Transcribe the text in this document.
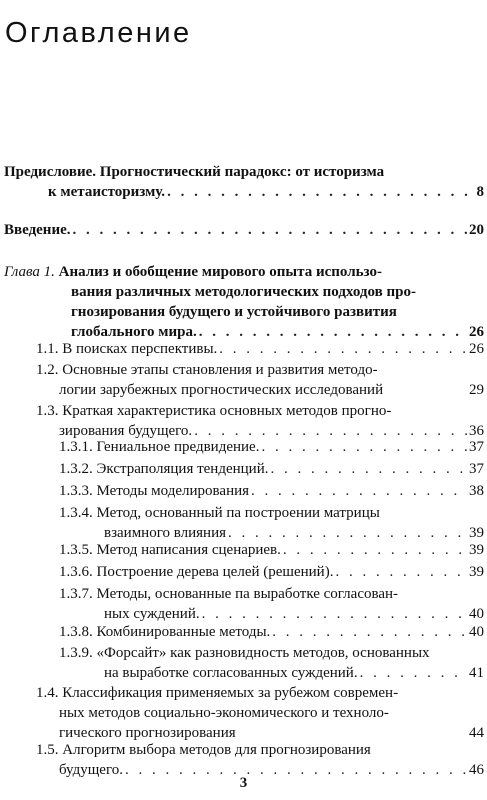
Оглавление
Предисловие. Прогностический парадокс: от историзма
к метаисторизму. . . .	8
Введение. . . .	20
Глава 1. Анализ и обобщение мирового опыта использо-
вания различных методологических подходов про-
гнозирования будущего и устойчивого развития
глобального мира. . . .	26
1.1. В поисках перспективы. . . .	26
1.2. Основные этапы становления и развития методо-
логии зарубежных прогностических исследований	29
1.3. Краткая характеристика основных методов прогно-
зирования будущего. . . .	36
1.3.1. Гениальное предвидение. . . .	37
1.3.2. Экстраполяция тенденций. . . .	37
1.3.3. Методы моделирования . . .	38
1.3.4. Метод, основанный па построении матрицы
взаимного влияния . . .	39
1.3.5. Метод написания сценариев. . . .	39
1.3.6. Построение дерева целей (решений). . . .	39
1.3.7. Методы, основанные па выработке согласован-
ных суждений. . . .	40
1.3.8. Комбинированные методы. . . .	40
1.3.9. «Форсайт» как разновидность методов, основанных
на выработке согласованных суждений. . . .	41
1.4. Классификация применяемых за рубежом современ-
ных методов социально-экономического и техноло-
гического прогнозирования	44
1.5. Алгоритм выбора методов для прогнозирования
будущего. . . .	46
3
